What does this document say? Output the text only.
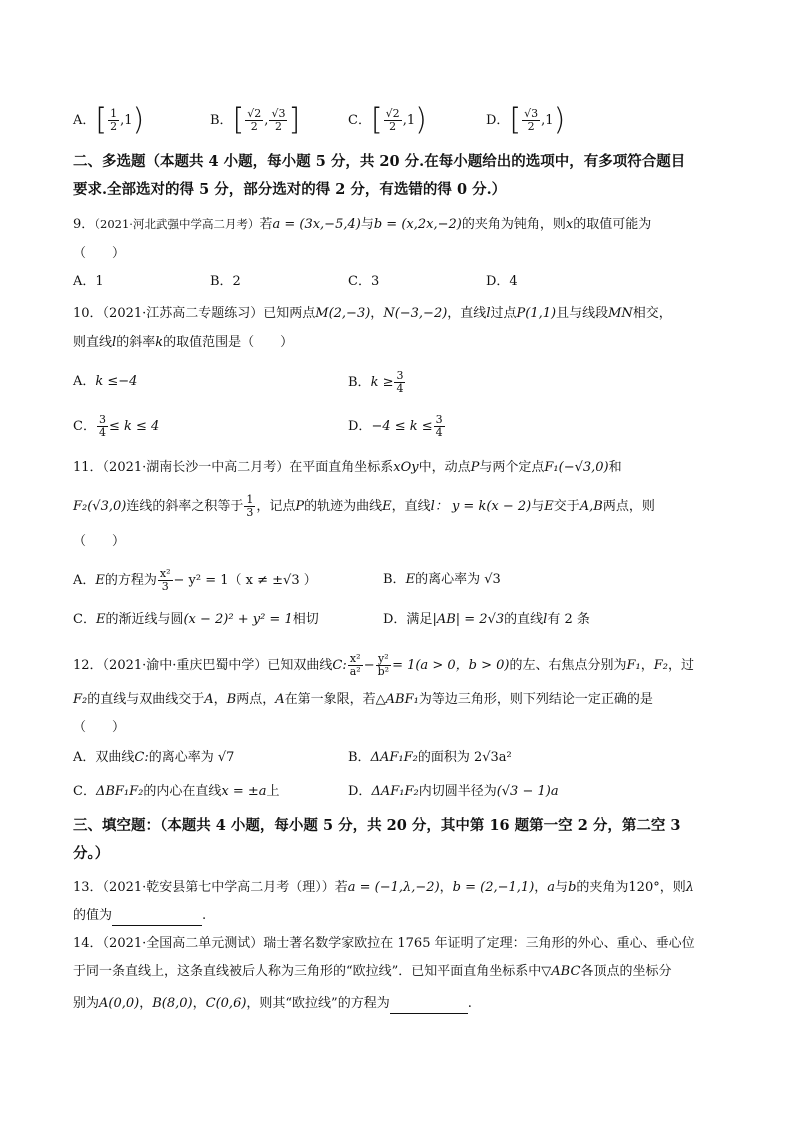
A．[ $\frac{1}{2} ,1$)	B．[ $\frac{√2}{2}$ , $\frac{√3}{2}$ ]	C．[ $\frac{√2}{2} ,1$)	D．[ $\frac{√3}{2} ,1$)
二、多选题（本题共 4 小题，每小题 5 分，共 20 分.在每小题给出的选项中，有多项符合题目
要求.全部选对的得 5 分，部分选对的得 2 分，有选错的得 0 分.）
9．（2021·河北武强中学高二月考）若a = (3x,−5,4)与b = (x,2x,−2)的夹角为钝角，则x的取值可能为
（　　）
A．1	B．2	C．3	D．4
10．（2021·江苏高二专题练习）已知两点M(2,−3)，N(−3,−2)，直线l过点P(1,1)且与线段MN相交，
则直线l的斜率k的取值范围是（　　）
A．k ≤−4	B．$k \ge \frac{3}{4}$
C． $\frac{3}{4} \le k \le 4$	D．$-4 \le k \le \frac{3}{4}$
11．（2021·湖南长沙一中高二月考）在平面直角坐标系xOy中，动点P与两个定点F₁(−√3,0)和
F₂(√3,0)连线的斜率之积等于 $\frac{1}{3}$ ，记点P的轨迹为曲线E，直线l： y = k(x − 2)与E交于A,B两点，则
（　　）
A．E的方程为 $\frac{\text{x²}}{3} - y^2 = 1$（ x ≠ ±√3 ）	B．E的离心率为 √3
C．E的渐近线与圆(x − 2)² + y² = 1相切	D．满足|AB| = 2√3的直线l有 2 条
12．（2021·渝中·重庆巴蜀中学）已知双曲线C: $\frac{\text{x²}}{\text{a²}} - \frac{\text{y²}}{\text{b²}} = 1(a > 0$，b > 0)的左、右焦点分别为F₁，F₂，过
F₂的直线与双曲线交于A，B两点，A在第一象限，若△ABF₁为等边三角形，则下列结论一定正确的是
（　　）
A．双曲线C:的离心率为 √7	B．ΔAF₁F₂的面积为 2√3a²
C．ΔBF₁F₂的内心在直线x = ±a上	D．ΔAF₁F₂内切圆半径为(√3 − 1)a
三、填空题：（本题共 4 小题，每小题 5 分，共 20 分，其中第 16 题第一空 2 分，第二空 3
分。）
13．（2021·乾安县第七中学高二月考（理））若a = (−1,λ,−2)，b = (2,−1,1)，a与b的夹角为120°，则λ
的值为	.
14．（2021·全国高二单元测试）瑞士著名数学家欧拉在 1765 年证明了定理：三角形的外心、重心、垂心位
于同一条直线上，这条直线被后人称为三角形的“欧拉线”．已知平面直角坐标系中▽ABC各顶点的坐标分
别为A(0,0)，B(8,0)，C(0,6)，则其“欧拉线”的方程为	.
